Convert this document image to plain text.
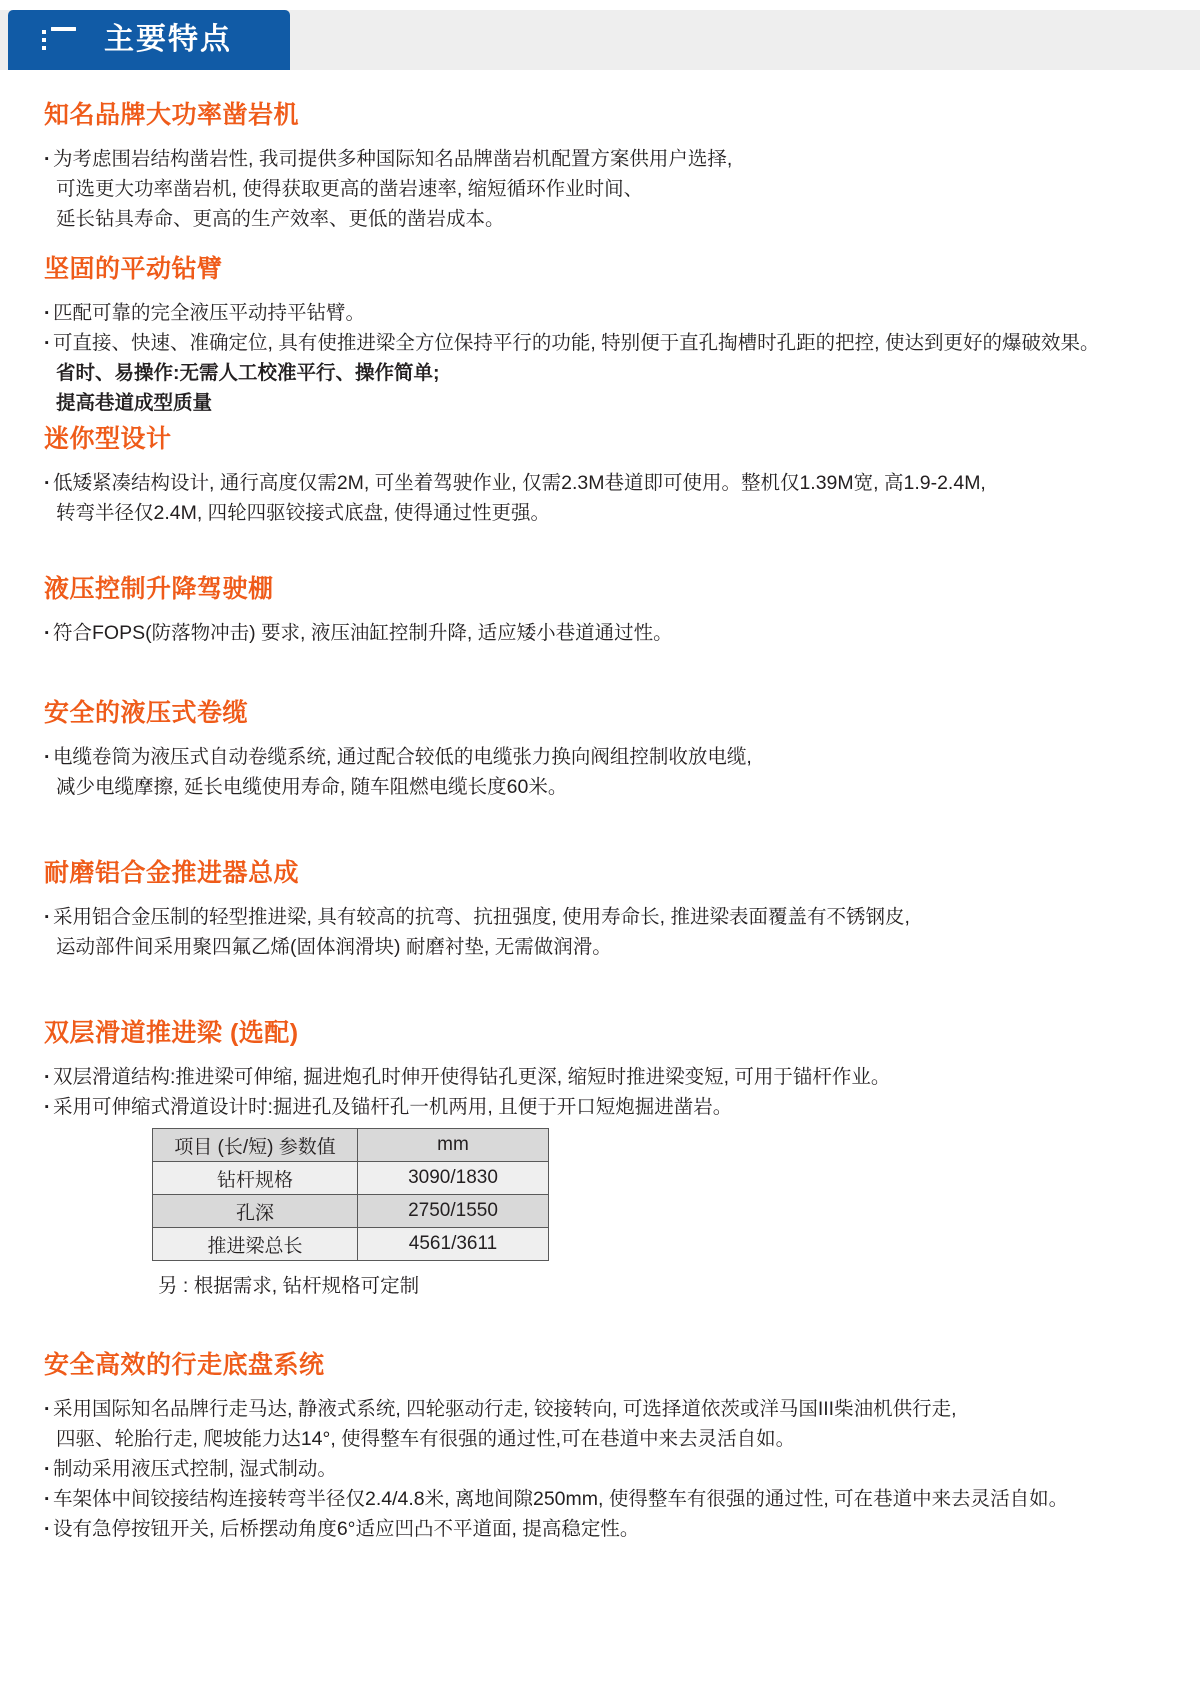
主要特点
知名品牌大功率凿岩机
· 为考虑围岩结构凿岩性, 我司提供多种国际知名品牌凿岩机配置方案供用户选择,
可选更大功率凿岩机, 使得获取更高的凿岩速率, 缩短循环作业时间、
延长钻具寿命、更高的生产效率、更低的凿岩成本。
坚固的平动钻臂
· 匹配可靠的完全液压平动持平钻臂。
· 可直接、快速、准确定位, 具有使推进梁全方位保持平行的功能, 特别便于直孔掏槽时孔距的把控, 使达到更好的爆破效果。
省时、易操作:无需人工校准平行、操作简单;
提高巷道成型质量
迷你型设计
· 低矮紧凑结构设计, 通行高度仅需2M, 可坐着驾驶作业, 仅需2.3M巷道即可使用。整机仅1.39M宽, 高1.9-2.4M,
转弯半径仅2.4M, 四轮四驱铰接式底盘, 使得通过性更强。
液压控制升降驾驶棚
· 符合FOPS(防落物冲击) 要求, 液压油缸控制升降, 适应矮小巷道通过性。
安全的液压式卷缆
· 电缆卷筒为液压式自动卷缆系统, 通过配合较低的电缆张力换向阀组控制收放电缆,
减少电缆摩擦, 延长电缆使用寿命, 随车阻燃电缆长度60米。
耐磨铝合金推进器总成
· 采用铝合金压制的轻型推进梁, 具有较高的抗弯、抗扭强度, 使用寿命长, 推进梁表面覆盖有不锈钢皮,
运动部件间采用聚四氟乙烯(固体润滑块) 耐磨衬垫, 无需做润滑。
双层滑道推进梁 (选配)
· 双层滑道结构:推进梁可伸缩, 掘进炮孔时伸开使得钻孔更深, 缩短时推进梁变短, 可用于锚杆作业。
· 采用可伸缩式滑道设计时:掘进孔及锚杆孔一机两用, 且便于开口短炮掘进凿岩。
项目 (长/短) 参数值	mm
钻杆规格	3090/1830
孔深	2750/1550
推进梁总长	4561/3611
另 : 根据需求, 钻杆规格可定制
安全高效的行走底盘系统
· 采用国际知名品牌行走马达, 静液式系统, 四轮驱动行走, 铰接转向, 可选择道依茨或洋马国III柴油机供行走,
四驱、轮胎行走, 爬坡能力达14°, 使得整车有很强的通过性,可在巷道中来去灵活自如。
· 制动采用液压式控制, 湿式制动。
· 车架体中间铰接结构连接转弯半径仅2.4/4.8米, 离地间隙250mm, 使得整车有很强的通过性, 可在巷道中来去灵活自如。
· 设有急停按钮开关, 后桥摆动角度6°适应凹凸不平道面, 提高稳定性。
